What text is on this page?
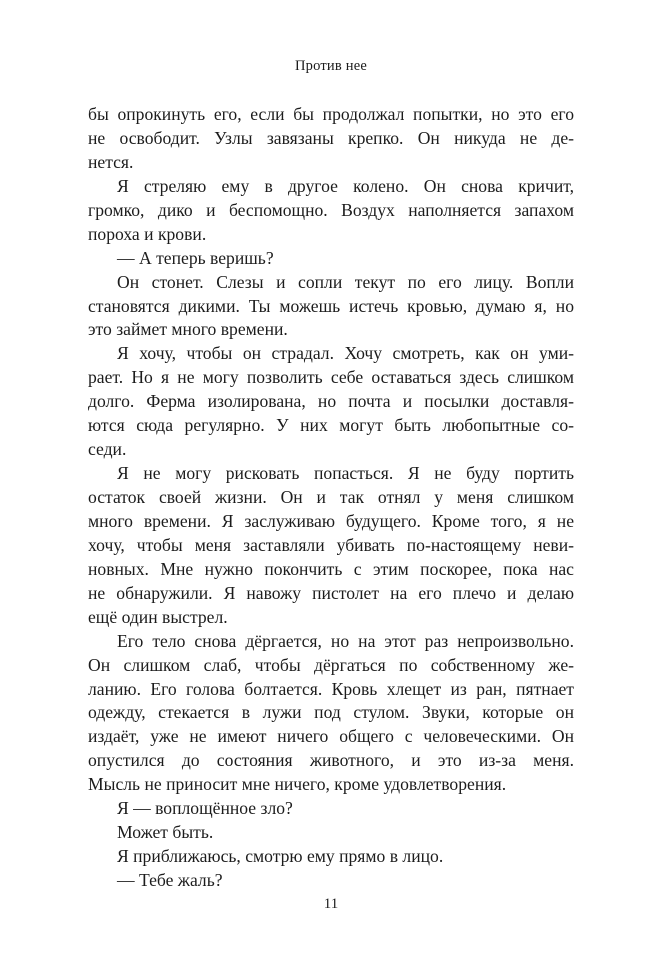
Против нее
бы опрокинуть его, если бы продолжал попытки, но это его
не освободит. Узлы завязаны крепко. Он никуда не де-
нется.
Я стреляю ему в другое колено. Он снова кричит,
громко, дико и беспомощно. Воздух наполняется запахом
пороха и крови.
— А теперь веришь?
Он стонет. Слезы и сопли текут по его лицу. Вопли
становятся дикими. Ты можешь истечь кровью, думаю я, но
это займет много времени.
Я хочу, чтобы он страдал. Хочу смотреть, как он уми-
рает. Но я не могу позволить себе оставаться здесь слишком
долго. Ферма изолирована, но почта и посылки доставля-
ются сюда регулярно. У них могут быть любопытные со-
седи.
Я не могу рисковать попасться. Я не буду портить
остаток своей жизни. Он и так отнял у меня слишком
много времени. Я заслуживаю будущего. Кроме того, я не
хочу, чтобы меня заставляли убивать по-настоящему неви-
новных. Мне нужно покончить с этим поскорее, пока нас
не обнаружили. Я навожу пистолет на его плечо и делаю
ещё один выстрел.
Его тело снова дёргается, но на этот раз непроизвольно.
Он слишком слаб, чтобы дёргаться по собственному же-
ланию. Его голова болтается. Кровь хлещет из ран, пятнает
одежду, стекается в лужи под стулом. Звуки, которые он
издаёт, уже не имеют ничего общего с человеческими. Он
опустился до состояния животного, и это из-за меня.
Мысль не приносит мне ничего, кроме удовлетворения.
Я — воплощённое зло?
Может быть.
Я приближаюсь, смотрю ему прямо в лицо.
— Тебе жаль?
11
